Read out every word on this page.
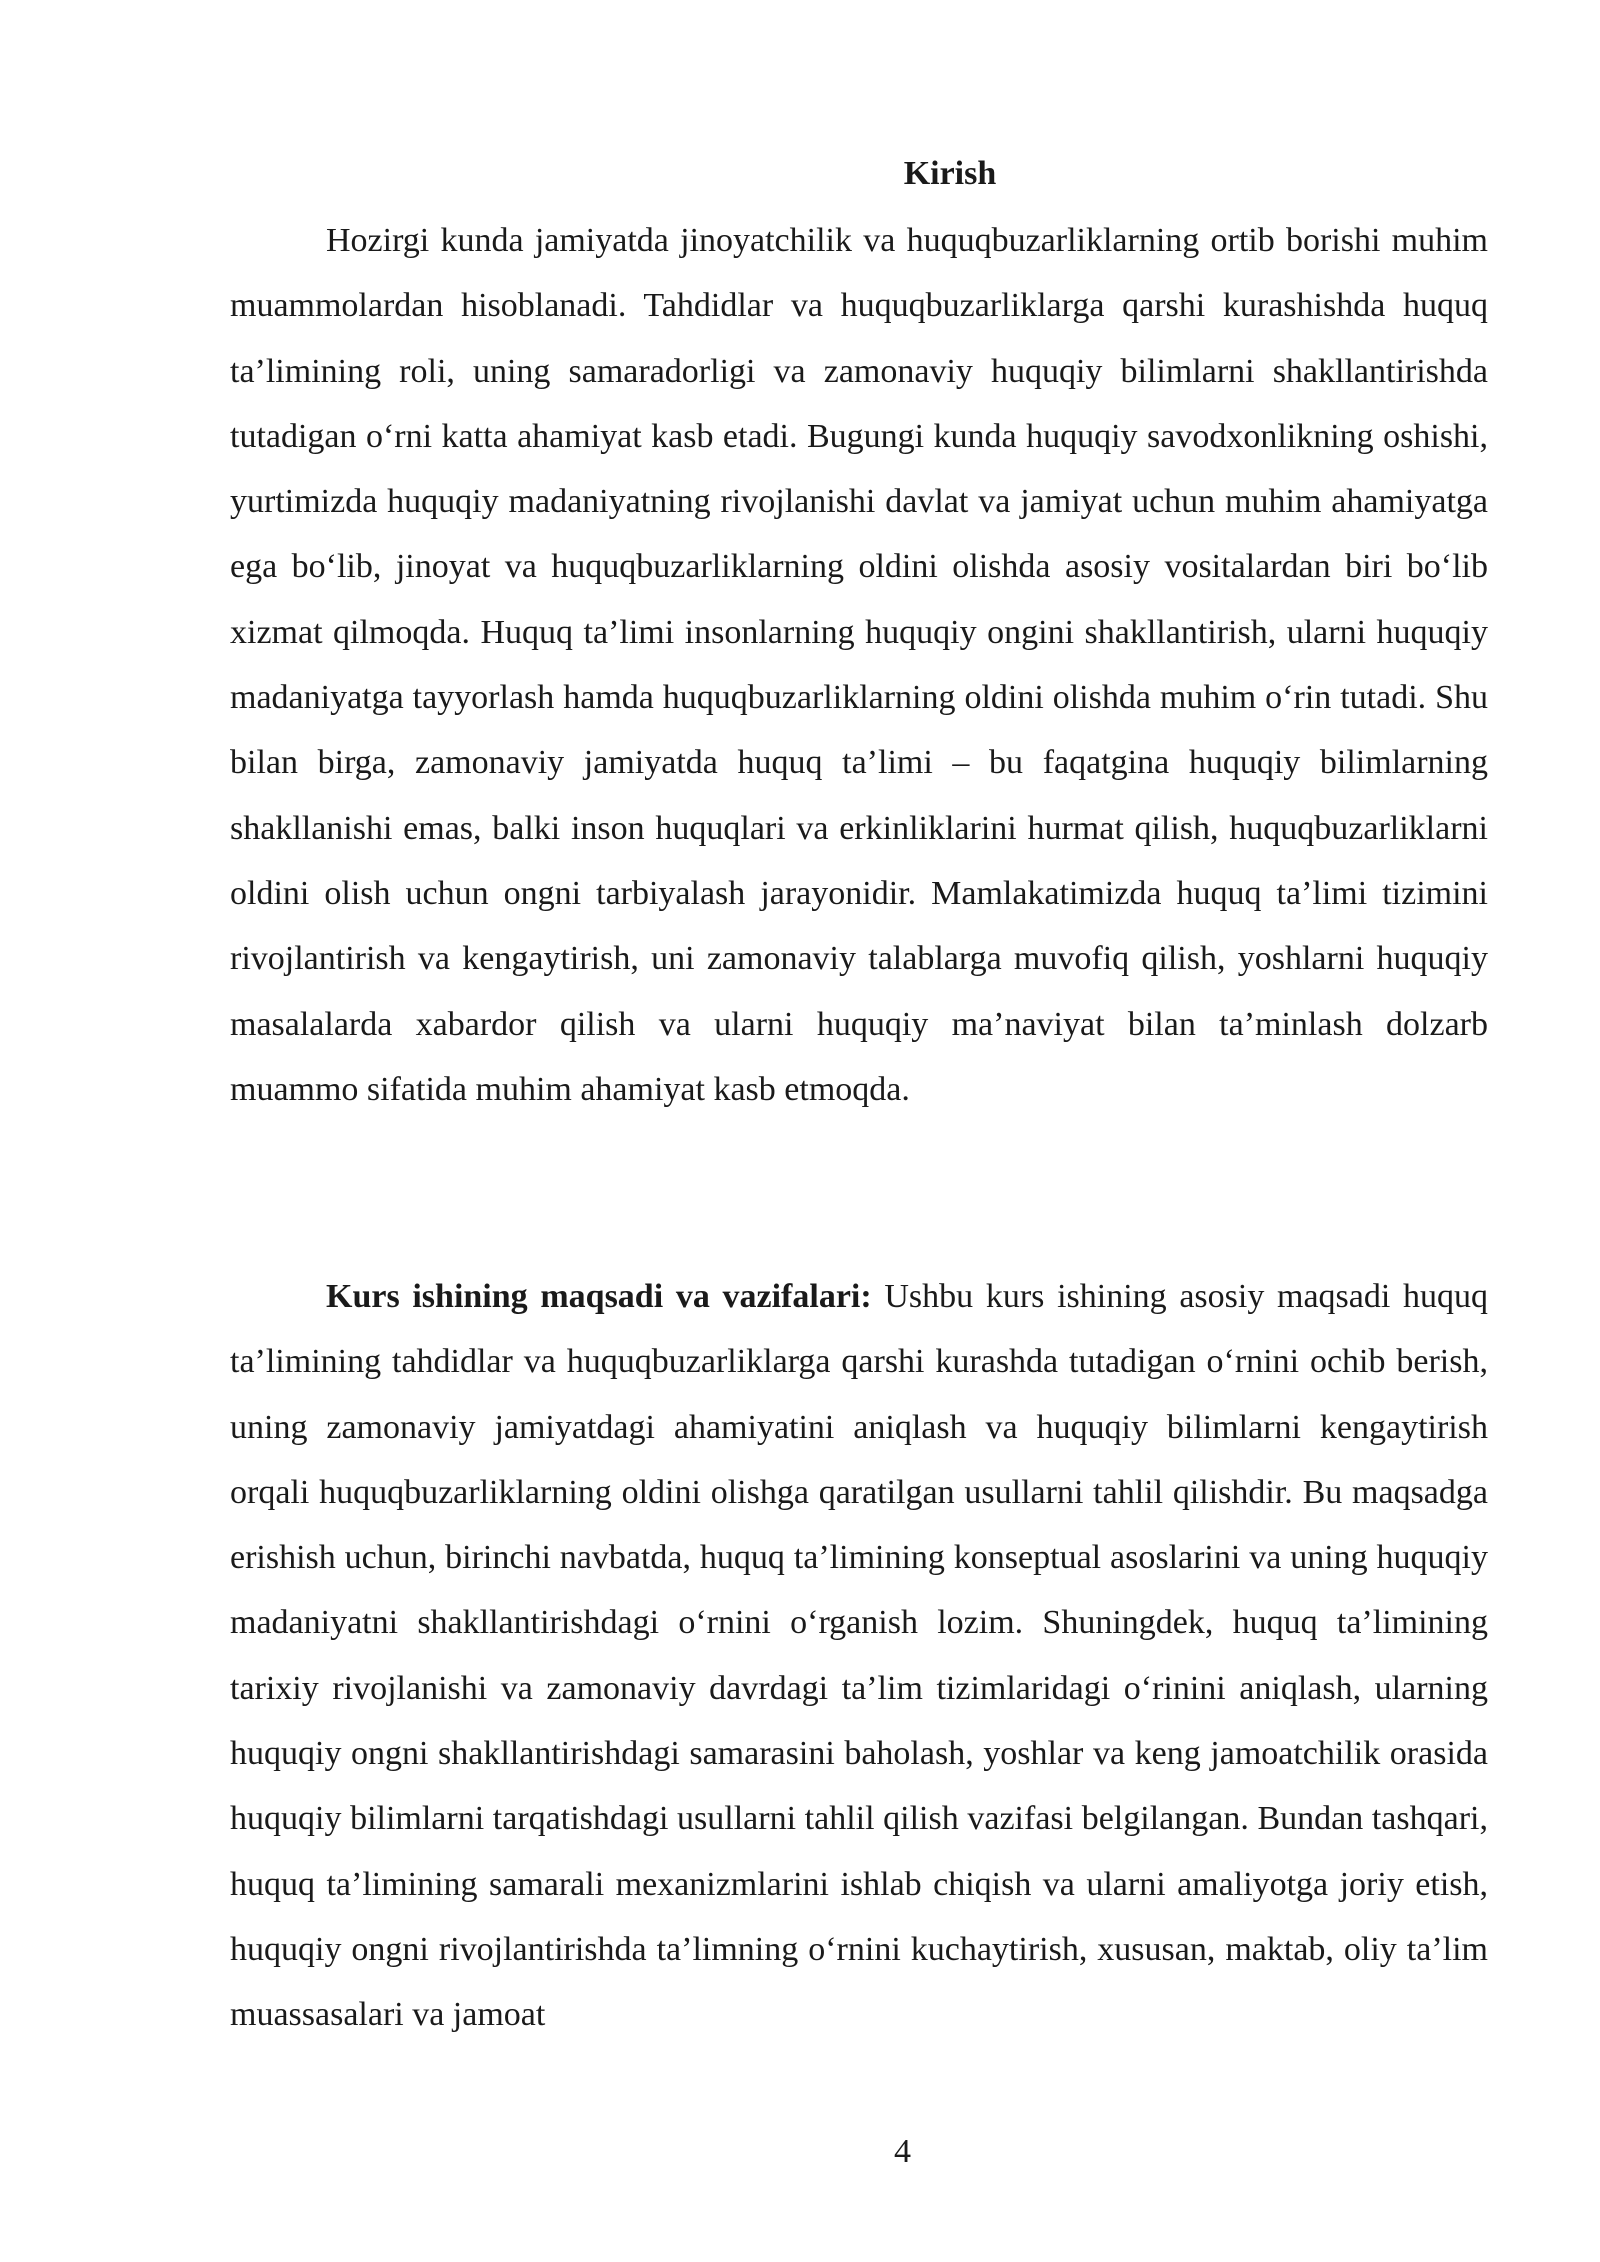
Kirish

Hozirgi kunda jamiyatda jinoyatchilik va huquqbuzarliklarning ortib borishi muhim muammolardan hisoblanadi. Tahdidlar va huquqbuzarliklarga qarshi kurashishda huquq ta’limining roli, uning samaradorligi va zamonaviy huquqiy bilimlarni shakllantirishda tutadigan o‘rni katta ahamiyat kasb etadi. Bugungi kunda huquqiy savodxonlikning oshishi, yurtimizda huquqiy madaniyatning rivojlanishi davlat va jamiyat uchun muhim ahamiyatga ega bo‘lib, jinoyat va huquqbuzarliklarning oldini olishda asosiy vositalardan biri bo‘lib xizmat qilmoqda. Huquq ta’limi insonlarning huquqiy ongini shakllantirish, ularni huquqiy madaniyatga tayyorlash hamda huquqbuzarliklarning oldini olishda muhim o‘rin tutadi. Shu bilan birga, zamonaviy jamiyatda huquq ta’limi – bu faqatgina huquqiy bilimlarning shakllanishi emas, balki inson huquqlari va erkinliklarini hurmat qilish, huquqbuzarliklarni oldini olish uchun ongni tarbiyalash jarayonidir. Mamlakatimizda huquq ta’limi tizimini rivojlantirish va kengaytirish, uni zamonaviy talablarga muvofiq qilish, yoshlarni huquqiy masalalarda xabardor qilish va ularni huquqiy ma’naviyat bilan ta’minlash dolzarb muammo sifatida muhim ahamiyat kasb etmoqda.

Kurs ishining maqsadi va vazifalari: Ushbu kurs ishining asosiy maqsadi huquq ta’limining tahdidlar va huquqbuzarliklarga qarshi kurashda tutadigan o‘rnini ochib berish, uning zamonaviy jamiyatdagi ahamiyatini aniqlash va huquqiy bilimlarni kengaytirish orqali huquqbuzarliklarning oldini olishga qaratilgan usullarni tahlil qilishdir. Bu maqsadga erishish uchun, birinchi navbatda, huquq ta’limining konseptual asoslarini va uning huquqiy madaniyatni shakllantirishdagi o‘rnini o‘rganish lozim. Shuningdek, huquq ta’limining tarixiy rivojlanishi va zamonaviy davrdagi ta’lim tizimlaridagi o‘rinini aniqlash, ularning huquqiy ongni shakllantirishdagi samarasini baholash, yoshlar va keng jamoatchilik orasida huquqiy bilimlarni tarqatishdagi usullarni tahlil qilish vazifasi belgilangan. Bundan tashqari, huquq ta’limining samarali mexanizmlarini ishlab chiqish va ularni amaliyotga joriy etish, huquqiy ongni rivojlantirishda ta’limning o‘rnini kuchaytirish, xususan, maktab, oliy ta’lim muassasalari va jamoat

4
